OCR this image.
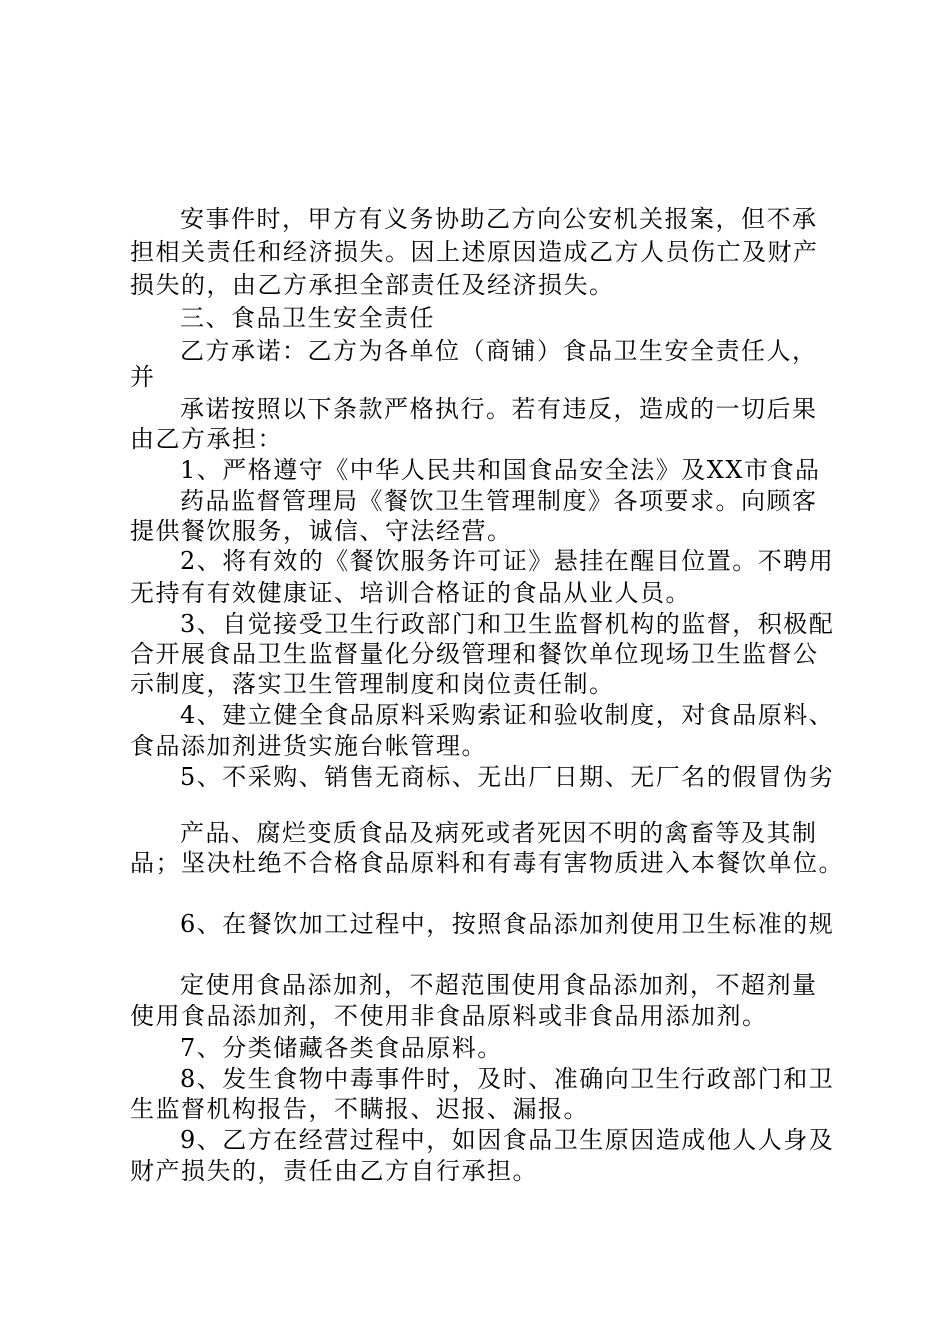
安事件时，甲方有义务协助乙方向公安机关报案，但不承
担相关责任和经济损失。因上述原因造成乙方人员伤亡及财产
损失的，由乙方承担全部责任及经济损失。
三、食品卫生安全责任
乙方承诺：乙方为各单位（商铺）食品卫生安全责任人，
并
承诺按照以下条款严格执行。若有违反，造成的一切后果
由乙方承担：
1、严格遵守《中华人民共和国食品安全法》及XX市食品
药品监督管理局《餐饮卫生管理制度》各项要求。向顾客
提供餐饮服务，诚信、守法经营。
2、将有效的《餐饮服务许可证》悬挂在醒目位置。不聘用
无持有有效健康证、培训合格证的食品从业人员。
3、自觉接受卫生行政部门和卫生监督机构的监督，积极配
合开展食品卫生监督量化分级管理和餐饮单位现场卫生监督公
示制度，落实卫生管理制度和岗位责任制。
4、建立健全食品原料采购索证和验收制度，对食品原料、
食品添加剂进货实施台帐管理。
5、不采购、销售无商标、无出厂日期、无厂名的假冒伪劣
产品、腐烂变质食品及病死或者死因不明的禽畜等及其制
品；坚决杜绝不合格食品原料和有毒有害物质进入本餐饮单位。
6、在餐饮加工过程中，按照食品添加剂使用卫生标准的规
定使用食品添加剂，不超范围使用食品添加剂，不超剂量
使用食品添加剂，不使用非食品原料或非食品用添加剂。
7、分类储藏各类食品原料。
8、发生食物中毒事件时，及时、准确向卫生行政部门和卫
生监督机构报告，不瞒报、迟报、漏报。
9、乙方在经营过程中，如因食品卫生原因造成他人人身及
财产损失的，责任由乙方自行承担。
